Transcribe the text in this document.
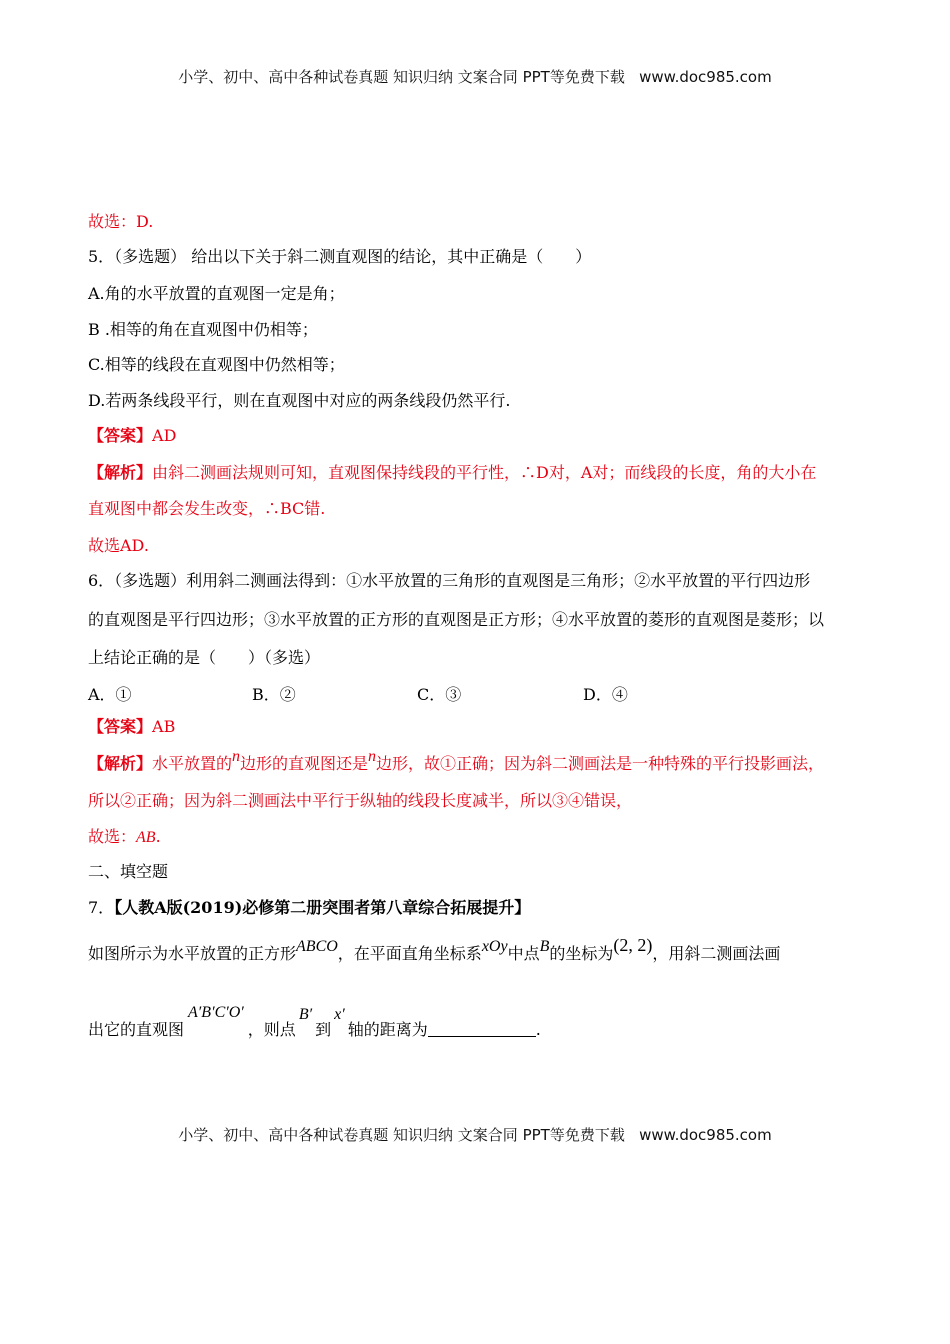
小学、初中、高中各种试卷真题 知识归纳 文案合同 PPT等免费下载 www.doc985.com
故选：D.
5．（多选题） 给出以下关于斜二测直观图的结论，其中正确是（　　）
A.角的水平放置的直观图一定是角；
B .相等的角在直观图中仍相等；
C.相等的线段在直观图中仍然相等；
D.若两条线段平行，则在直观图中对应的两条线段仍然平行.
【答案】AD
【解析】由斜二测画法规则可知，直观图保持线段的平行性，∴D对，A对；而线段的长度，角的大小在
直观图中都会发生改变，∴BC错.
故选AD.
6．（多选题）利用斜二测画法得到：①水平放置的三角形的直观图是三角形；②水平放置的平行四边形
的直观图是平行四边形；③水平放置的正方形的直观图是正方形；④水平放置的菱形的直观图是菱形；以
上结论正确的是（　　）（多选）
A．①	B．②	C．③	D．④
【答案】AB
【解析】水平放置的n边形的直观图还是n边形，故①正确；因为斜二测画法是一种特殊的平行投影画法，
所以②正确；因为斜二测画法中平行于纵轴的线段长度减半，所以③④错误，
故选：AB.
二、填空题
7．【人教A版(2019)必修第二册突围者第八章综合拓展提升】
如图所示为水平放置的正方形ABCO，在平面直角坐标系xOy中点B的坐标为(2, 2)，用斜二测画法画
出它的直观图A′B′C′O′，则点B′到x′轴的距离为	.
小学、初中、高中各种试卷真题 知识归纳 文案合同 PPT等免费下载 www.doc985.com
